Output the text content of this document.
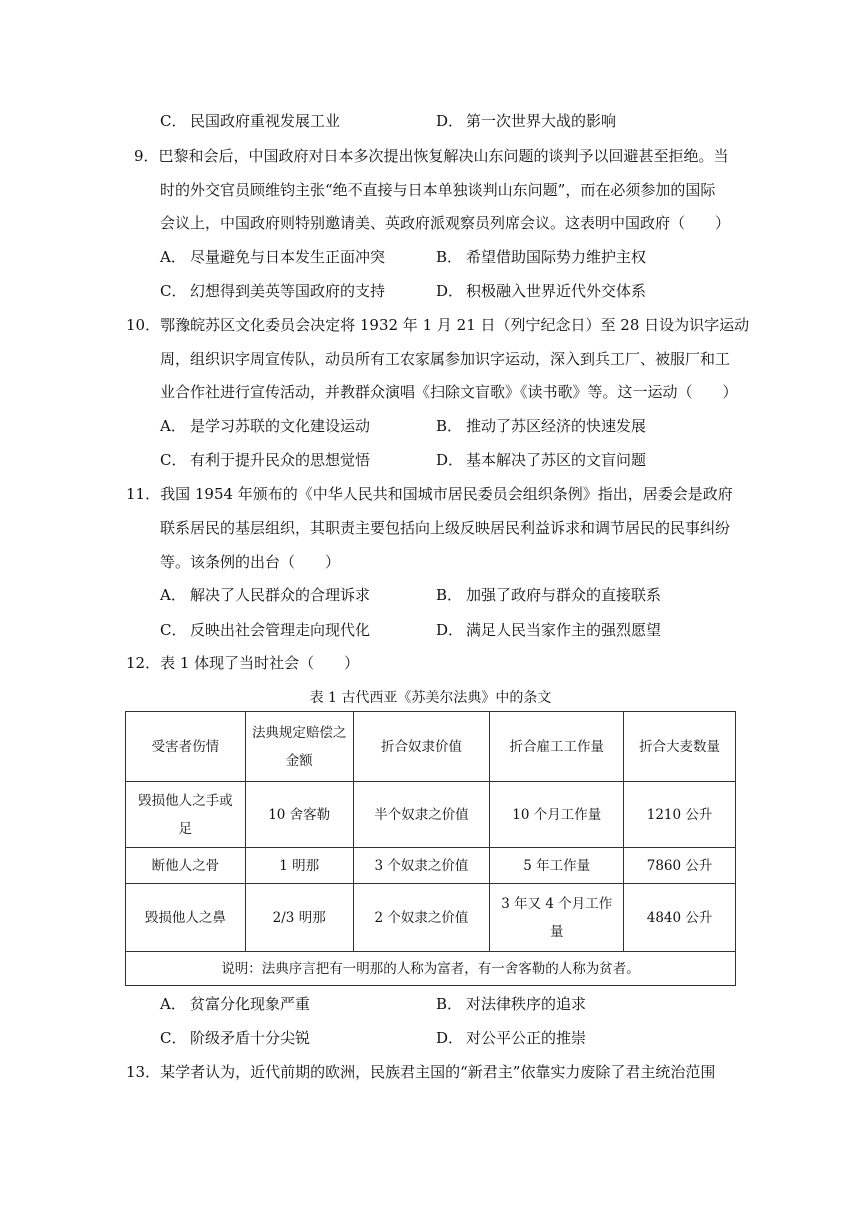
C． 民国政府重视发展工业	D． 第一次世界大战的影响
9．巴黎和会后，中国政府对日本多次提出恢复解决山东问题的谈判予以回避甚至拒绝。当
时的外交官员顾维钧主张“绝不直接与日本单独谈判山东问题”，而在必须参加的国际
会议上，中国政府则特别邀请美、英政府派观察员列席会议。这表明中国政府（　　）
A． 尽量避免与日本发生正面冲突	B． 希望借助国际势力维护主权
C． 幻想得到美英等国政府的支持	D． 积极融入世界近代外交体系
10．鄂豫皖苏区文化委员会决定将 1932 年 1 月 21 日（列宁纪念日）至 28 日设为识字运动
周，组织识字周宣传队，动员所有工农家属参加识字运动，深入到兵工厂、被服厂和工
业合作社进行宣传活动，并教群众演唱《扫除文盲歌》《读书歌》等。这一运动（　　）
A． 是学习苏联的文化建设运动	B． 推动了苏区经济的快速发展
C． 有利于提升民众的思想觉悟	D． 基本解决了苏区的文盲问题
11．我国 1954 年颁布的《中华人民共和国城市居民委员会组织条例》指出，居委会是政府
联系居民的基层组织，其职责主要包括向上级反映居民利益诉求和调节居民的民事纠纷
等。该条例的出台（　　）
A． 解决了人民群众的合理诉求	B． 加强了政府与群众的直接联系
C． 反映出社会管理走向现代化	D． 满足人民当家作主的强烈愿望
12．表 1 体现了当时社会（　　）
表 1 古代西亚《苏美尔法典》中的条文
受害者伤情	法典规定赔偿之金额	折合奴隶价值	折合雇工工作量	折合大麦数量
毁损他人之手或足	10 舍客勒	半个奴隶之价值	10 个月工作量	1210 公升
断他人之骨	1 明那	3 个奴隶之价值	5 年工作量	7860 公升
毁损他人之鼻	2/3 明那	2 个奴隶之价值	3 年又 4 个月工作量	4840 公升
说明：法典序言把有一明那的人称为富者，有一舍客勒的人称为贫者。				
A． 贫富分化现象严重	B． 对法律秩序的追求
C． 阶级矛盾十分尖锐	D． 对公平公正的推崇
13．某学者认为，近代前期的欧洲，民族君主国的“新君主”依靠实力废除了君主统治范围
